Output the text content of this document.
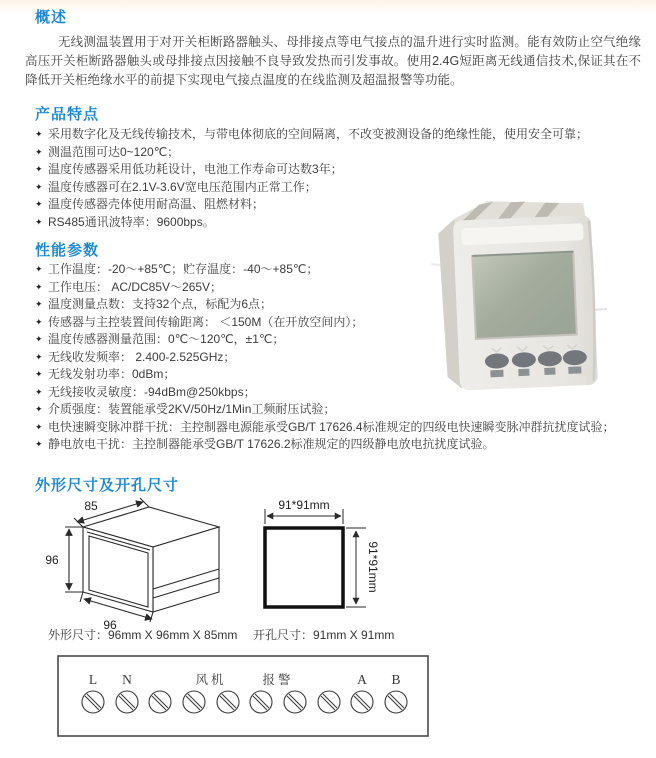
概述

无线测温装置用于对开关柜断路器触头、母排接点等电气接点的温升进行实时监测。能有效防止空气绝缘高压开关柜断路器触头或母排接点因接触不良导致发热而引发事故。使用2.4G短距离无线通信技术,保证其在不降低开关柜绝缘水平的前提下实现电气接点温度的在线监测及超温报警等功能。

产品特点
✦ 采用数字化及无线传输技术，与带电体彻底的空间隔离，不改变被测设备的绝缘性能，使用安全可靠；
✦ 测温范围可达0~120℃；
✦ 温度传感器采用低功耗设计，电池工作寿命可达数3年；
✦ 温度传感器可在2.1V-3.6V宽电压范围内正常工作；
✦ 温度传感器壳体使用耐高温、阻燃材料；
✦ RS485通讯波特率：9600bps。
性能参数
✦ 工作温度：-20～+85℃；贮存温度：-40～+85℃；
✦ 工作电压： AC/DC85V～265V；
✦ 温度测量点数：支持32个点，标配为6点；
✦ 传感器与主控装置间传输距离： ＜150M（在开放空间内）；
✦ 温度传感器测量范围：0℃～120℃，±1℃；
✦ 无线收发频率： 2.400-2.525GHz；
✦ 无线发射功率：0dBm；
✦ 无线接收灵敏度：-94dBm@250kbps；
✦ 介质强度：装置能承受2KV/50Hz/1Min工频耐压试验；
✦ 电快速瞬变脉冲群干扰：主控制器电源能承受GB/T 17626.4标准规定的四级电快速瞬变脉冲群抗扰度试验；
✦ 静电放电干扰：主控制器能承受GB/T 17626.2标准规定的四级静电放电抗扰度试验。
外形尺寸及开孔尺寸
85
96
96
91*91mm
91*91mm
外形尺寸：96mm X 96mm X 85mm 开孔尺寸：91mm X 91mm
L N	风机	报警	A B
